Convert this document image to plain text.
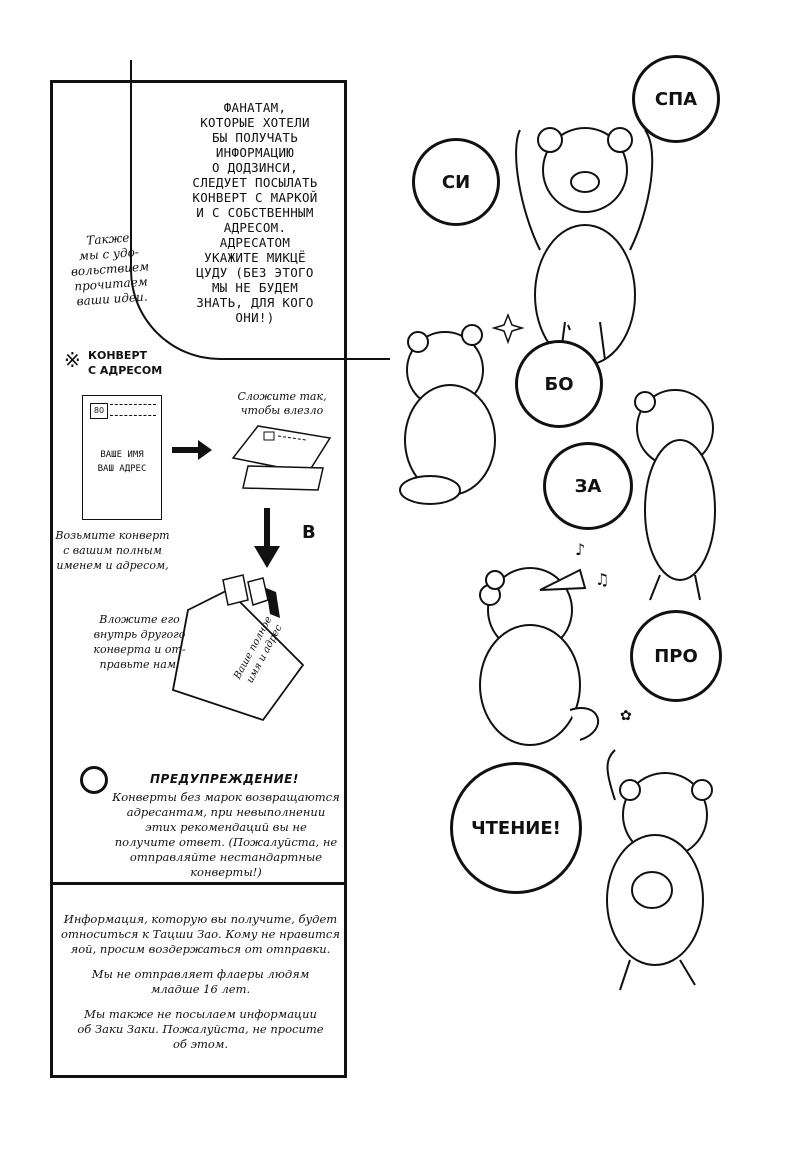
ФАНАТАМ,
КОТОРЫЕ ХОТЕЛИ
БЫ ПОЛУЧАТЬ
ИНФОРМАЦИЮ
О ДОДЗИНСИ,
СЛЕДУЕТ ПОСЫЛАТЬ
КОНВЕРТ С МАРКОЙ
И С СОБСТВЕННЫМ
АДРЕСОМ.
АДРЕСАТОМ
УКАЖИТЕ МИКЦЁ
ЦУДУ (БЕЗ ЭТОГО
МЫ НЕ БУДЕМ
ЗНАТЬ, ДЛЯ КОГО
ОНИ!)
Также
мы с удо-
вольствием
прочитаем
ваши идеи.
※ КОНВЕРТ
С АДРЕСОМ
80
ВАШЕ ИМЯ
ВАШ АДРЕС
Сложите так,
чтобы влезло
Возьмите конверт
с вашим полным
именем и адресом,
В
Ваше полное
имя и адрес
Вложите его
внутрь другого
конверта и от-
правьте нам.
ПРЕДУПРЕЖДЕНИЕ!
Конверты без марок возвращаются
адресантам, при невыполнении
этих рекомендаций вы не
получите ответ. (Пожалуйста, не
отправляйте нестандартные
конверты!)

Информация, которую вы получите, будет
относиться к Тацши Зао. Кому не нравится
яой, просим воздержаться от отправки.

Мы не отправляет флаеры людям
младше 16 лет.

Мы также не посылаем информации
об Заки Заки. Пожалуйста, не просите
об этом.

♪
♫
✿
СПА
СИ
БО
ЗА
ПРО
ЧТЕНИЕ!
